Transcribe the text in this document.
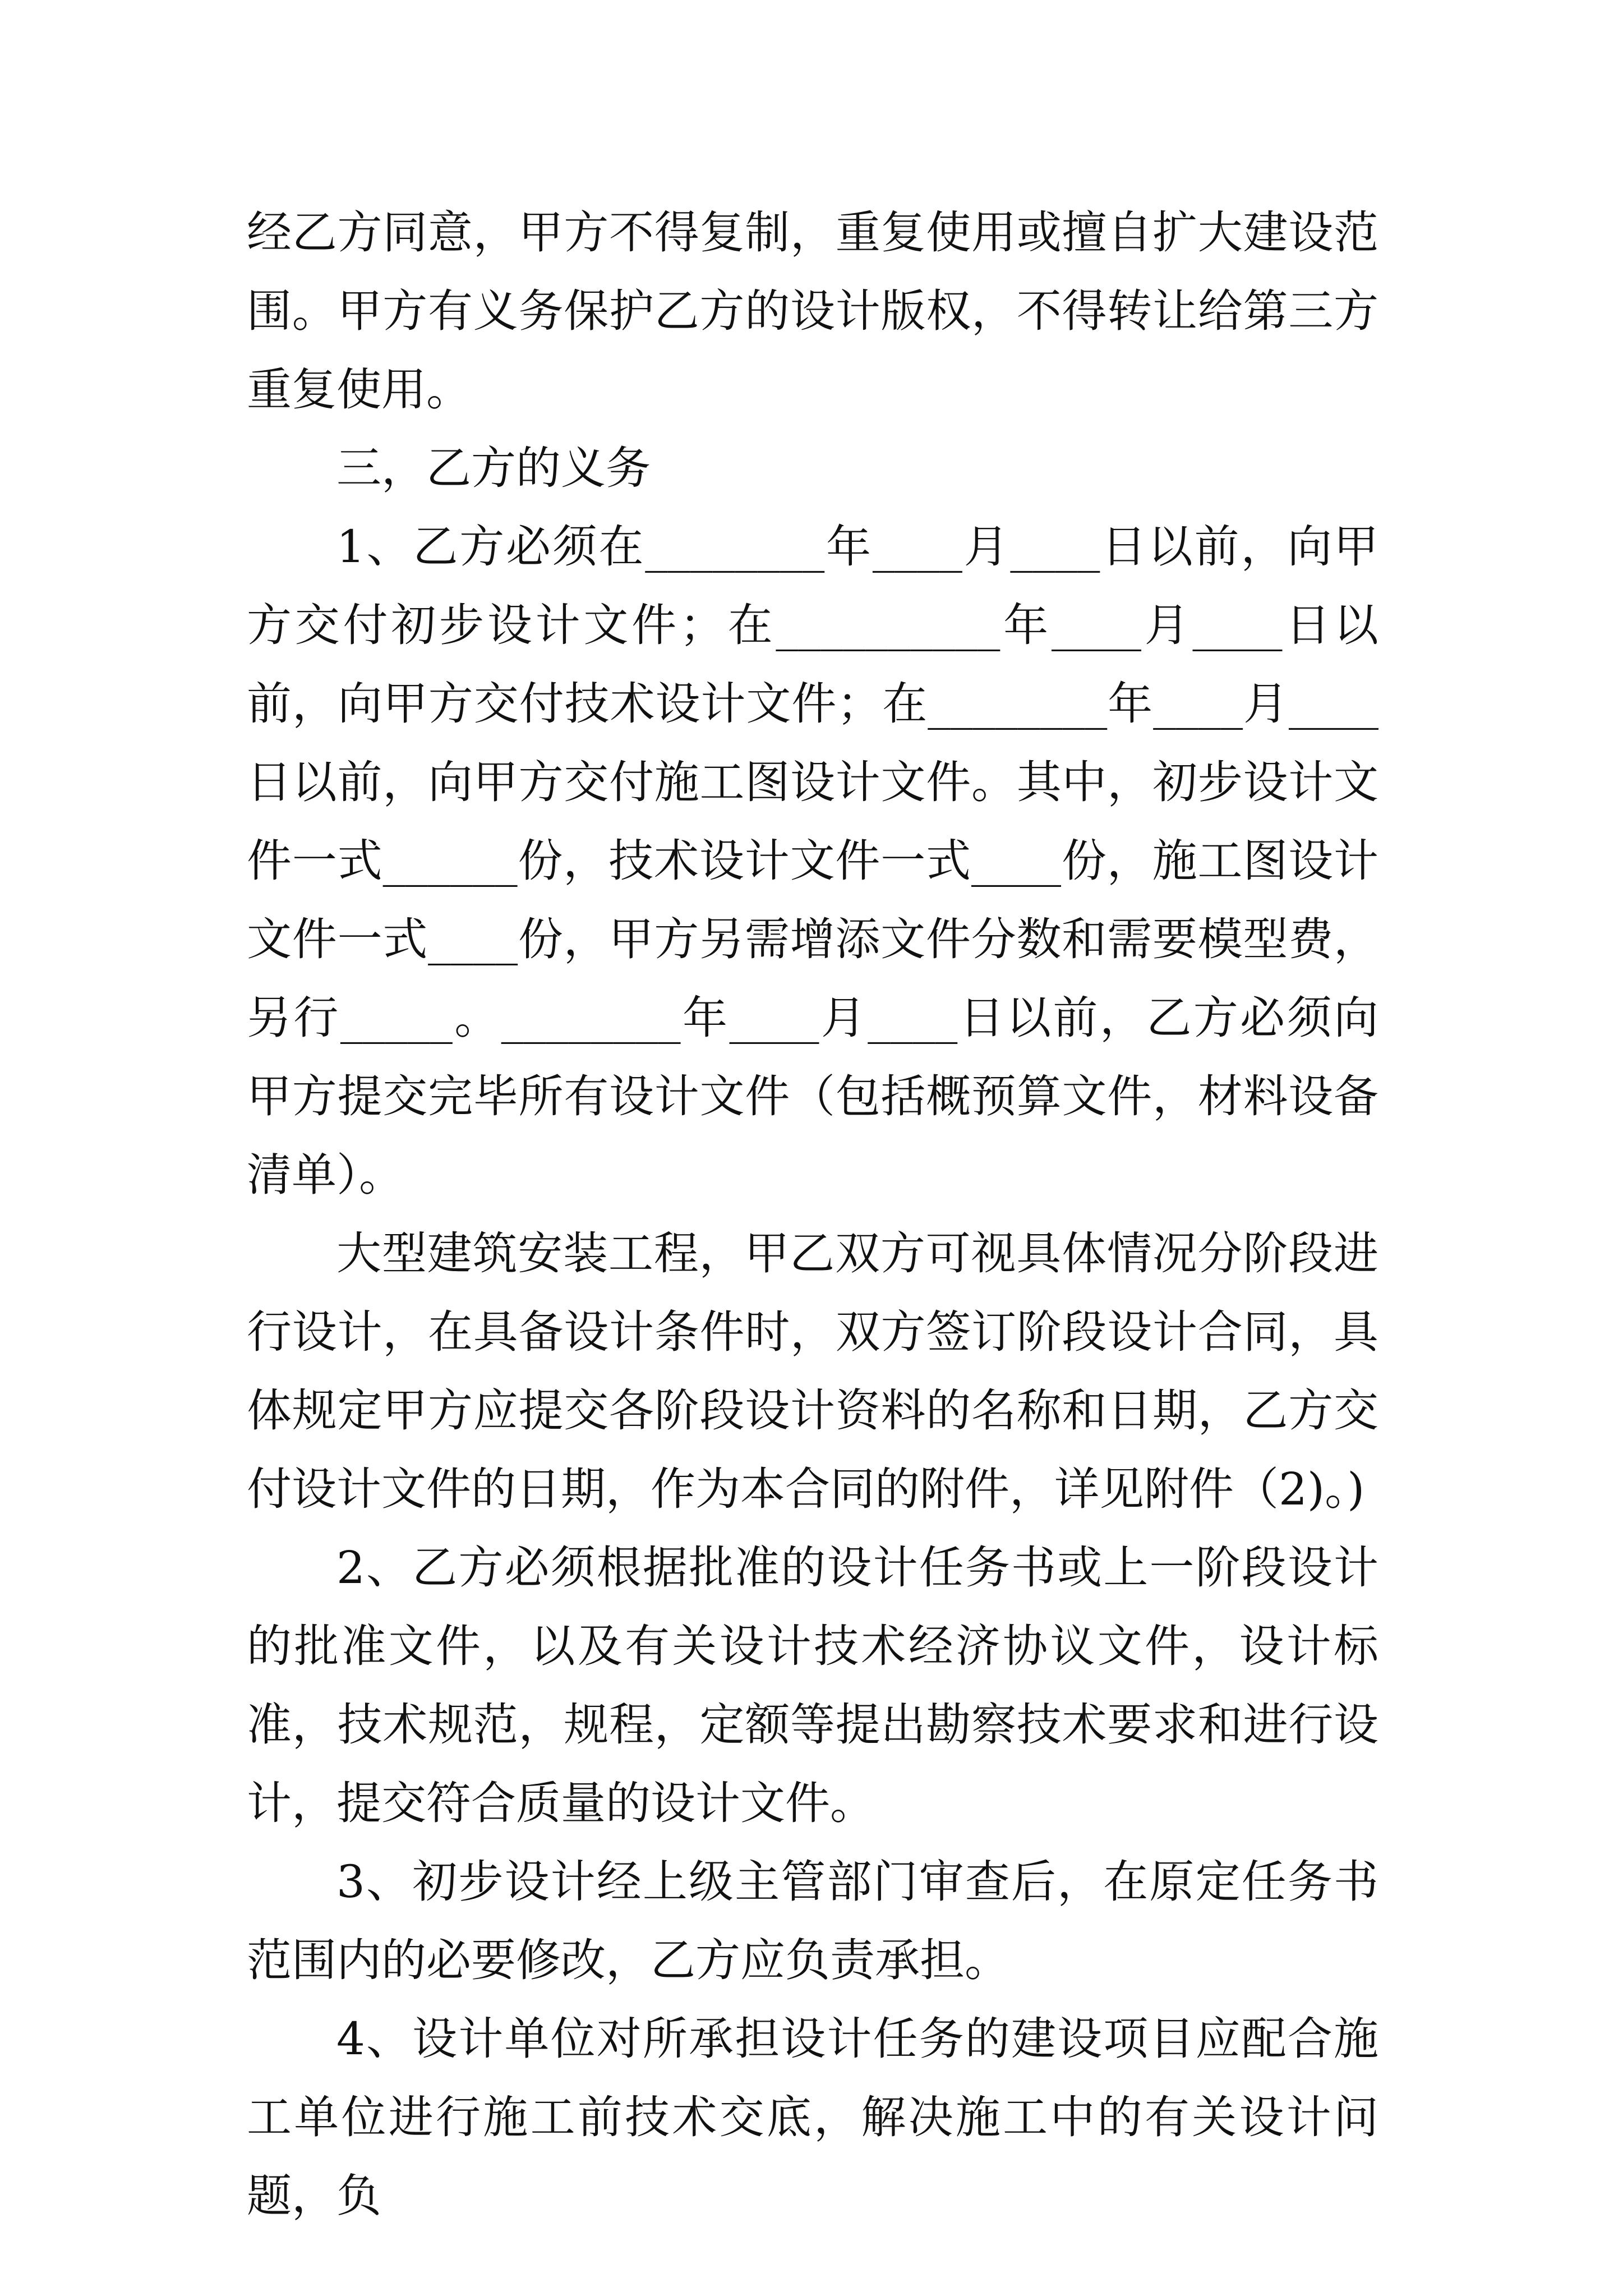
经乙方同意，甲方不得复制，重复使用或擅自扩大建设范围。甲方有义务保护乙方的设计版权，不得转让给第三方重复使用。

三，乙方的义务

1、乙方必须在________年____月____日以前，向甲方交付初步设计文件；在__________年____月____日以前，向甲方交付技术设计文件；在________年____月____日以前，向甲方交付施工图设计文件。其中，初步设计文件一式______份，技术设计文件一式____份，施工图设计文件一式____份，甲方另需增添文件分数和需要模型费，另行_____。________年____月____日以前，乙方必须向甲方提交完毕所有设计文件（包括概预算文件，材料设备清单）。

大型建筑安装工程，甲乙双方可视具体情况分阶段进行设计，在具备设计条件时，双方签订阶段设计合同，具体规定甲方应提交各阶段设计资料的名称和日期，乙方交付设计文件的日期，作为本合同的附件，详见附件（2)。)

2、乙方必须根据批准的设计任务书或上一阶段设计的批准文件，以及有关设计技术经济协议文件，设计标准，技术规范，规程，定额等提出勘察技术要求和进行设计，提交符合质量的设计文件。

3、初步设计经上级主管部门审查后，在原定任务书范围内的必要修改，乙方应负责承担。

4、设计单位对所承担设计任务的建设项目应配合施工单位进行施工前技术交底，解决施工中的有关设计问题，负
